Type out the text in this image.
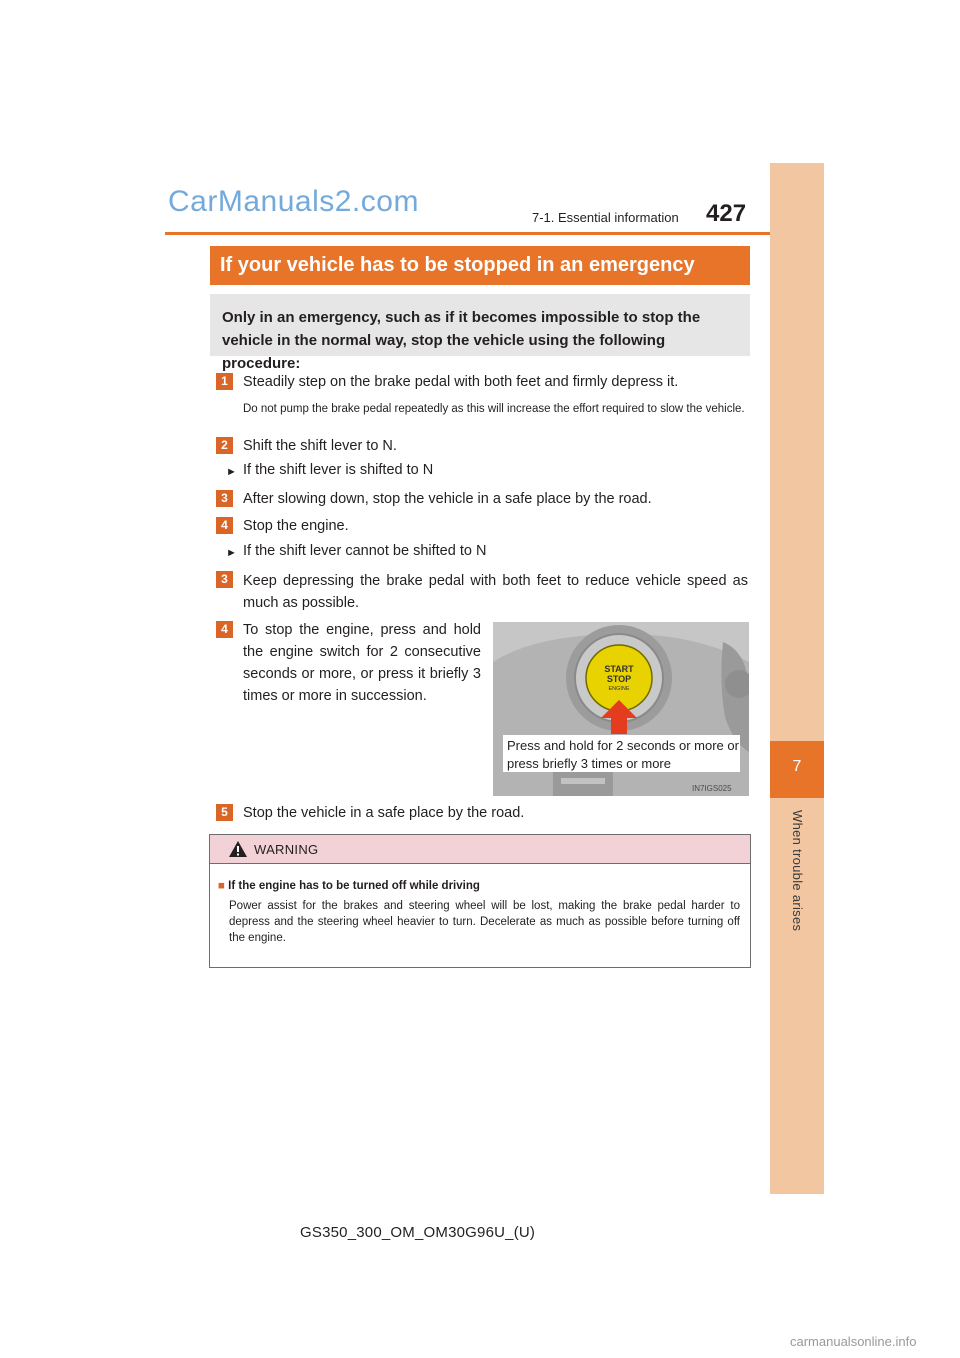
CarManuals2.com	7-1. Essential information 427
7
When trouble arises
If your vehicle has to be stopped in an emergency
Only in an emergency, such as if it becomes impossible to stop the vehicle in the normal way, stop the vehicle using the following procedure:
1	Steadily step on the brake pedal with both feet and firmly depress it.
Do not pump the brake pedal repeatedly as this will increase the effort required to slow the vehicle.
2	Shift the shift lever to N.
► If the shift lever is shifted to N
3	After slowing down, stop the vehicle in a safe place by the road.
4	Stop the engine.
► If the shift lever cannot be shifted to N
3	Keep depressing the brake pedal with both feet to reduce vehicle speed as much as possible.
4	To stop the engine, press and hold the engine switch for 2 consecutive seconds or more, or press it briefly 3 times or more in succession.
START
STOP
ENGINE
Press and hold for 2 seconds or more or press briefly 3 times or more
IN7IGS025
5	Stop the vehicle in a safe place by the road.
WARNING
■ If the engine has to be turned off while driving
Power assist for the brakes and steering wheel will be lost, making the brake pedal harder to depress and the steering wheel heavier to turn. Decelerate as much as possible before turning off the engine.
GS350_300_OM_OM30G96U_(U)
carmanualsonline.info
